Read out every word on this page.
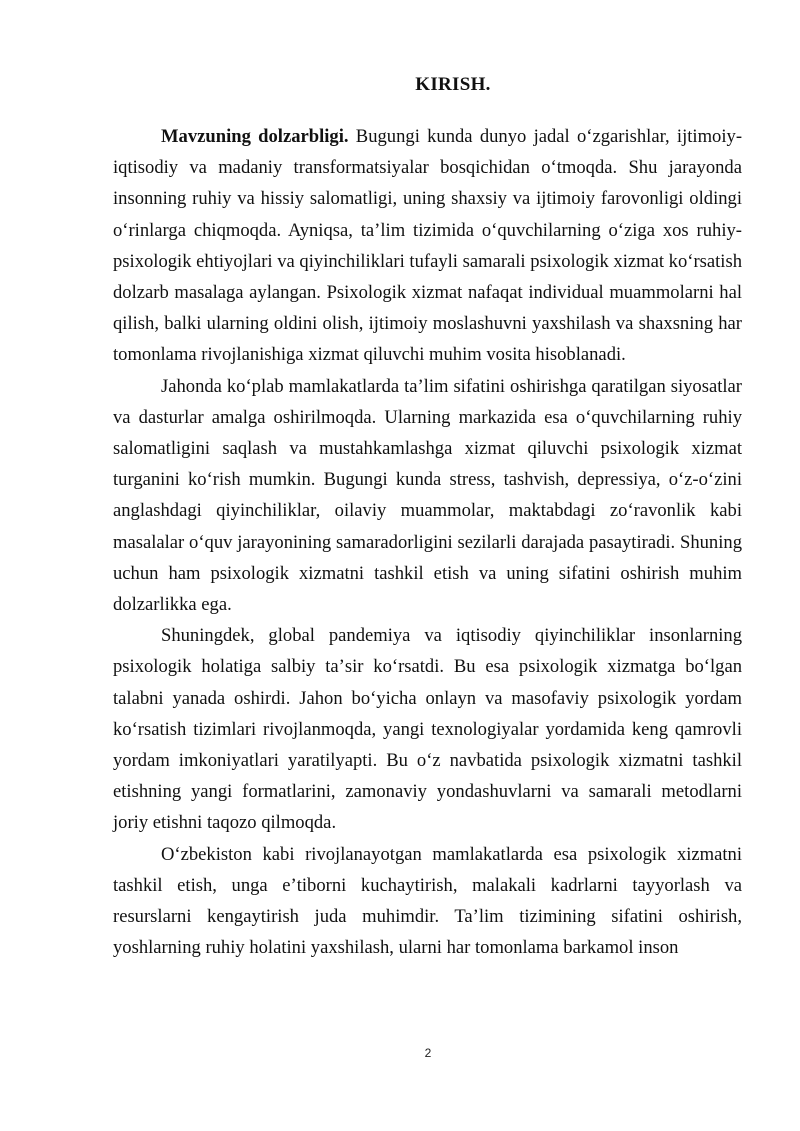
KIRISH.

Mavzuning dolzarbligi. Bugungi kunda dunyo jadal oʻzgarishlar, ijtimoiy-iqtisodiy va madaniy transformatsiyalar bosqichidan oʻtmoqda. Shu jarayonda insonning ruhiy va hissiy salomatligi, uning shaxsiy va ijtimoiy farovonligi oldingi oʻrinlarga chiqmoqda. Ayniqsa, taʼlim tizimida oʻquvchilarning oʻziga xos ruhiy-psixologik ehtiyojlari va qiyinchiliklari tufayli samarali psixologik xizmat koʻrsatish dolzarb masalaga aylangan. Psixologik xizmat nafaqat individual muammolarni hal qilish, balki ularning oldini olish, ijtimoiy moslashuvni yaxshilash va shaxsning har tomonlama rivojlanishiga xizmat qiluvchi muhim vosita hisoblanadi.

Jahonda koʻplab mamlakatlarda taʼlim sifatini oshirishga qaratilgan siyosatlar va dasturlar amalga oshirilmoqda. Ularning markazida esa oʻquvchilarning ruhiy salomatligini saqlash va mustahkamlashga xizmat qiluvchi psixologik xizmat turganini koʻrish mumkin. Bugungi kunda stress, tashvish, depressiya, oʻz-oʻzini anglashdagi qiyinchiliklar, oilaviy muammolar, maktabdagi zoʻravonlik kabi masalalar oʻquv jarayonining samaradorligini sezilarli darajada pasaytiradi. Shuning uchun ham psixologik xizmatni tashkil etish va uning sifatini oshirish muhim dolzarlikka ega.

Shuningdek, global pandemiya va iqtisodiy qiyinchiliklar insonlarning psixologik holatiga salbiy taʼsir koʻrsatdi. Bu esa psixologik xizmatga boʻlgan talabni yanada oshirdi. Jahon boʻyicha onlayn va masofaviy psixologik yordam koʻrsatish tizimlari rivojlanmoqda, yangi texnologiyalar yordamida keng qamrovli yordam imkoniyatlari yaratilyapti. Bu oʻz navbatida psixologik xizmatni tashkil etishning yangi formatlarini, zamonaviy yondashuvlarni va samarali metodlarni joriy etishni taqozo qilmoqda.

Oʻzbekiston kabi rivojlanayotgan mamlakatlarda esa psixologik xizmatni tashkil etish, unga eʼtiborni kuchaytirish, malakali kadrlarni tayyorlash va resurslarni kengaytirish juda muhimdir. Taʼlim tizimining sifatini oshirish, yoshlarning ruhiy holatini yaxshilash, ularni har tomonlama barkamol inson

2
